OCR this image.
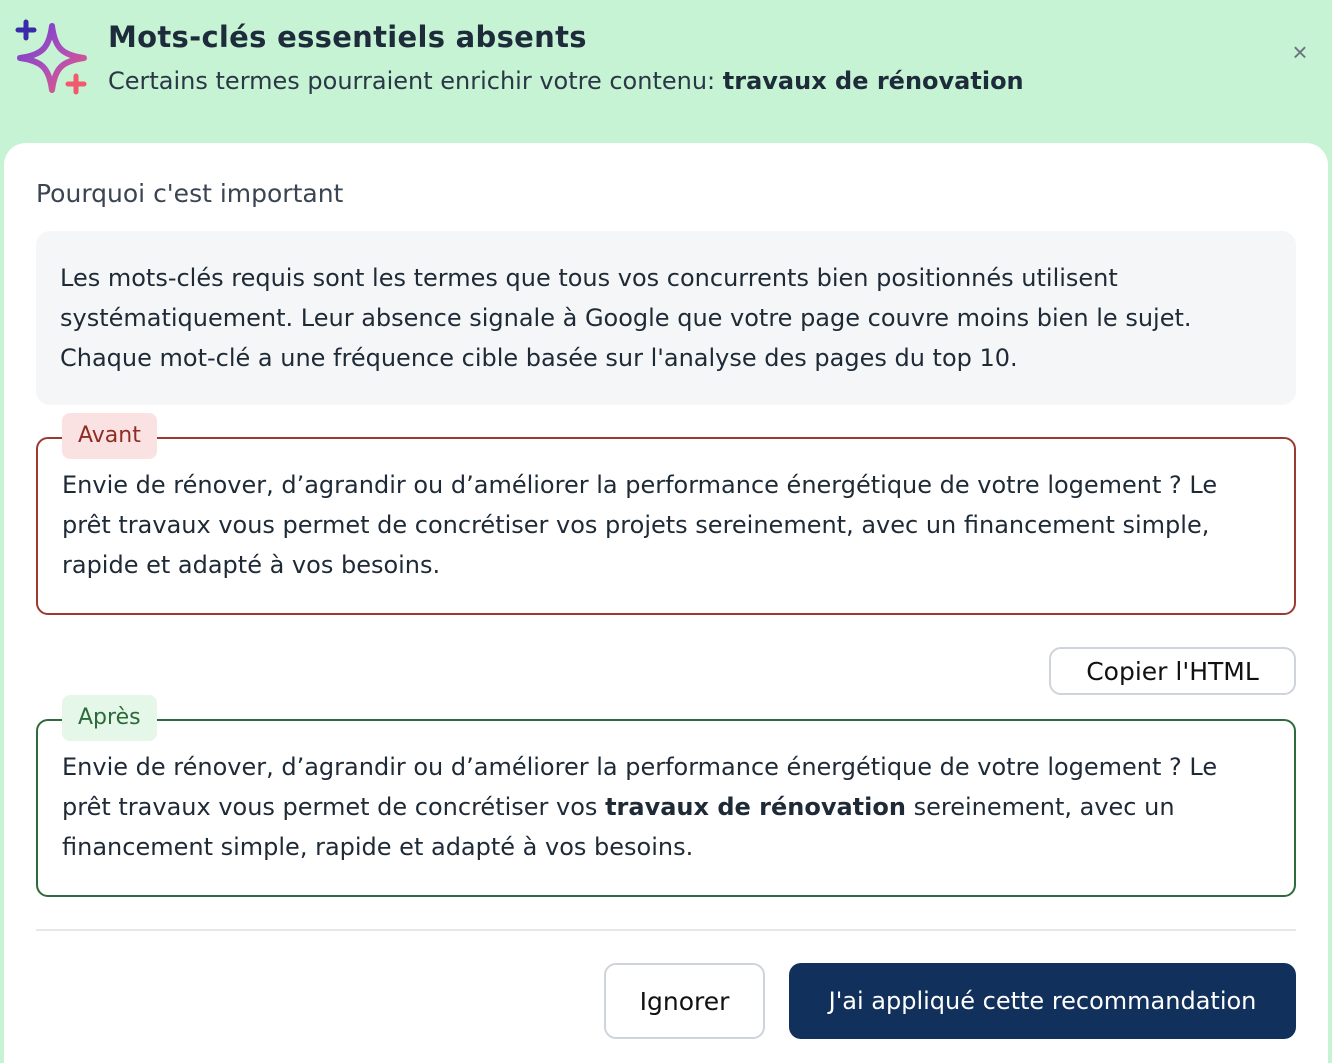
Mots-clés essentiels absents
Certains termes pourraient enrichir votre contenu: travaux de rénovation
×
Pourquoi c'est important
Les mots-clés requis sont les termes que tous vos concurrents bien positionnés utilisent systématiquement. Leur absence signale à Google que votre page couvre moins bien le sujet. Chaque mot-clé a une fréquence cible basée sur l'analyse des pages du top 10.
Envie de rénover, d’agrandir ou d’améliorer la performance énergétique de votre logement ? Le prêt travaux vous permet de concrétiser vos projets sereinement, avec un financement simple, rapide et adapté à vos besoins.
Avant
Copier l'HTML
Envie de rénover, d’agrandir ou d’améliorer la performance énergétique de votre logement ? Le prêt travaux vous permet de concrétiser vos travaux de rénovation sereinement, avec un financement simple, rapide et adapté à vos besoins.
Après
Ignorer	J'ai appliqué cette recommandation
